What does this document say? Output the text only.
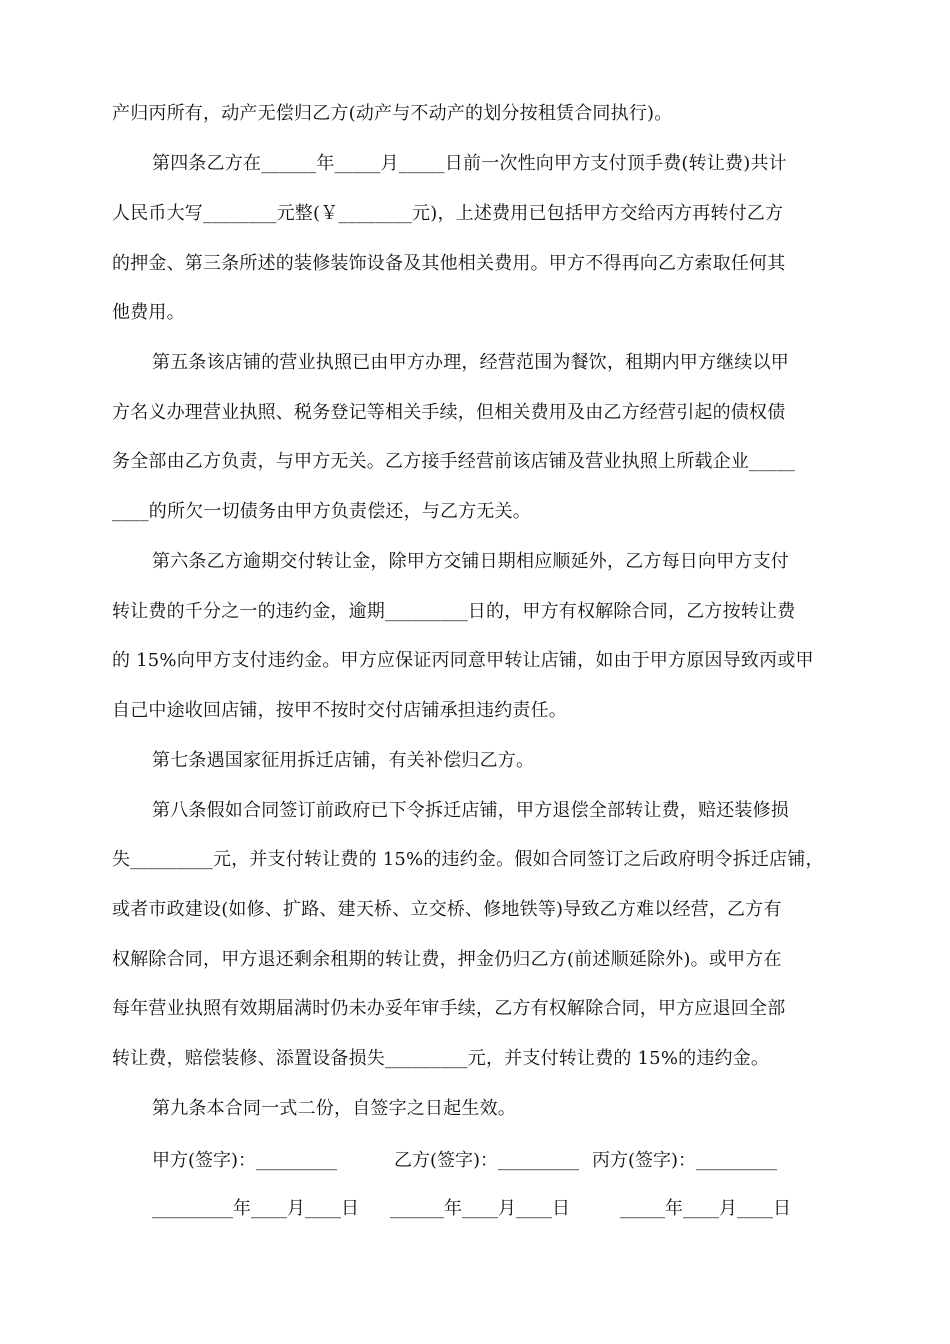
产归丙所有，动产无偿归乙方(动产与不动产的划分按租赁合同执行)。
第四条乙方在______年_____月_____日前一次性向甲方支付顶手费(转让费)共计
人民币大写________元整(￥________元)，上述费用已包括甲方交给丙方再转付乙方
的押金、第三条所述的装修装饰设备及其他相关费用。甲方不得再向乙方索取任何其
他费用。
第五条该店铺的营业执照已由甲方办理，经营范围为餐饮，租期内甲方继续以甲
方名义办理营业执照、税务登记等相关手续，但相关费用及由乙方经营引起的债权债
务全部由乙方负责，与甲方无关。乙方接手经营前该店铺及营业执照上所载企业_____
____的所欠一切债务由甲方负责偿还，与乙方无关。
第六条乙方逾期交付转让金，除甲方交铺日期相应顺延外，乙方每日向甲方支付
转让费的千分之一的违约金，逾期_________日的，甲方有权解除合同，乙方按转让费
的 15%向甲方支付违约金。甲方应保证丙同意甲转让店铺，如由于甲方原因导致丙或甲
自己中途收回店铺，按甲不按时交付店铺承担违约责任。
第七条遇国家征用拆迁店铺，有关补偿归乙方。
第八条假如合同签订前政府已下令拆迁店铺，甲方退偿全部转让费，赔还装修损
失_________元，并支付转让费的 15%的违约金。假如合同签订之后政府明令拆迁店铺，
或者市政建设(如修、扩路、建天桥、立交桥、修地铁等)导致乙方难以经营，乙方有
权解除合同，甲方退还剩余租期的转让费，押金仍归乙方(前述顺延除外)。或甲方在
每年营业执照有效期届满时仍未办妥年审手续，乙方有权解除合同，甲方应退回全部
转让费，赔偿装修、添置设备损失_________元，并支付转让费的 15%的违约金。
第九条本合同一式二份，自签字之日起生效。
甲方(签字)：_________	乙方(签字)：_________ 丙方(签字)：_________
_________年____月____日 ______年____月____日	_____年____月____日
